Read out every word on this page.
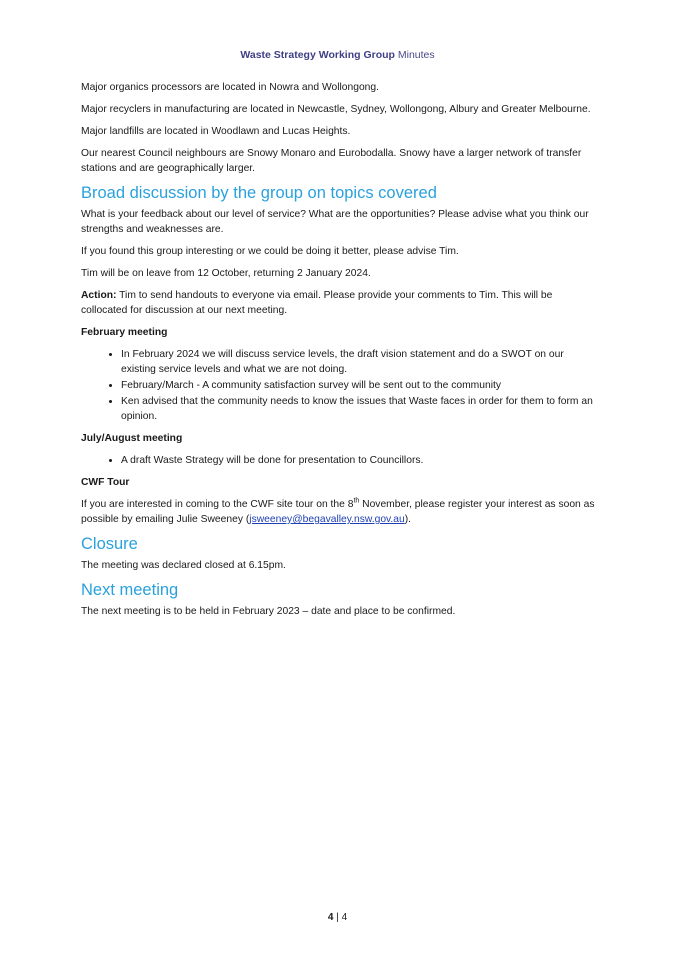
Waste Strategy Working Group Minutes

Major organics processors are located in Nowra and Wollongong.

Major recyclers in manufacturing are located in Newcastle, Sydney, Wollongong, Albury and Greater Melbourne.

Major landfills are located in Woodlawn and Lucas Heights.

Our nearest Council neighbours are Snowy Monaro and Eurobodalla. Snowy have a larger network of transfer stations and are geographically larger.

Broad discussion by the group on topics covered

What is your feedback about our level of service? What are the opportunities? Please advise what you think our strengths and weaknesses are.

If you found this group interesting or we could be doing it better, please advise Tim.

Tim will be on leave from 12 October, returning 2 January 2024.

Action: Tim to send handouts to everyone via email. Please provide your comments to Tim. This will be collocated for discussion at our next meeting.

February meeting

• In February 2024 we will discuss service levels, the draft vision statement and do a SWOT on our existing service levels and what we are not doing.
• February/March - A community satisfaction survey will be sent out to the community
• Ken advised that the community needs to know the issues that Waste faces in order for them to form an opinion.

July/August meeting

• A draft Waste Strategy will be done for presentation to Councillors.

CWF Tour

If you are interested in coming to the CWF site tour on the 8th November, please register your interest as soon as possible by emailing Julie Sweeney (jsweeney@begavalley.nsw.gov.au).

Closure

The meeting was declared closed at 6.15pm.

Next meeting

The next meeting is to be held in February 2023 – date and place to be confirmed.

4 | 4
